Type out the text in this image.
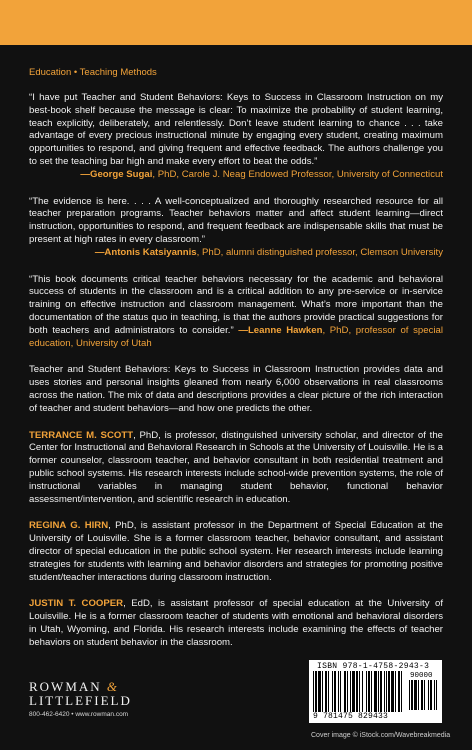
Education • Teaching Methods

“I have put Teacher and Student Behaviors: Keys to Success in Classroom Instruction on my best-book shelf because the message is clear: To maximize the probability of student learning, teach explicitly, deliberately, and relentlessly. Don’t leave student learning to chance . . . take advantage of every precious instructional minute by engaging every student, creating maximum opportunities to respond, and giving frequent and effective feedback. The authors challenge you to set the teaching bar high and make every effort to beat the odds.”

—George Sugai, PhD, Carole J. Neag Endowed Professor, University of Connecticut

“The evidence is here. . . . A well-conceptualized and thoroughly researched resource for all teacher preparation programs. Teacher behaviors matter and affect student learning—direct instruction, opportunities to respond, and frequent feedback are indispensable skills that must be present at high rates in every classroom.”

—Antonis Katsiyannis, PhD, alumni distinguished professor, Clemson University

“This book documents critical teacher behaviors necessary for the academic and behavioral success of students in the classroom and is a critical addition to any pre-service or in-service training on effective instruction and classroom management. What’s more important than the documentation of the status quo in teaching, is that the authors provide practical suggestions for both teachers and administrators to consider.” —Leanne Hawken, PhD, professor of special education, University of Utah

Teacher and Student Behaviors: Keys to Success in Classroom Instruction provides data and uses stories and personal insights gleaned from nearly 6,000 observations in real classrooms across the nation. The mix of data and descriptions provides a clear picture of the rich interaction of teacher and student behaviors—and how one predicts the other.

TERRANCE M. SCOTT, PhD, is professor, distinguished university scholar, and director of the Center for Instructional and Behavioral Research in Schools at the University of Louisville. He is a former counselor, classroom teacher, and behavior consultant in both residential treatment and public school systems. His research interests include school-wide prevention systems, the role of instructional variables in managing student behavior, functional behavior assessment/intervention, and scientific research in education.

REGINA G. HIRN, PhD, is assistant professor in the Department of Special Education at the University of Louisville. She is a former classroom teacher, behavior consultant, and assistant director of special education in the public school system. Her research interests include learning strategies for students with learning and behavior disorders and strategies for promoting positive student/teacher interactions during classroom instruction.

JUSTIN T. COOPER, EdD, is assistant professor of special education at the University of Louisville. He is a former classroom teacher of students with emotional and behavioral disorders in Utah, Wyoming, and Florida. His research interests include examining the effects of teacher behaviors on student behavior in the classroom.

ROWMAN &
LITTLEFIELD
800-462-6420 • www.rowman.com
ISBN 978-1-4758-2943-3
90000
9 781475 829433
Cover image © iStock.com/Wavebreakmedia
